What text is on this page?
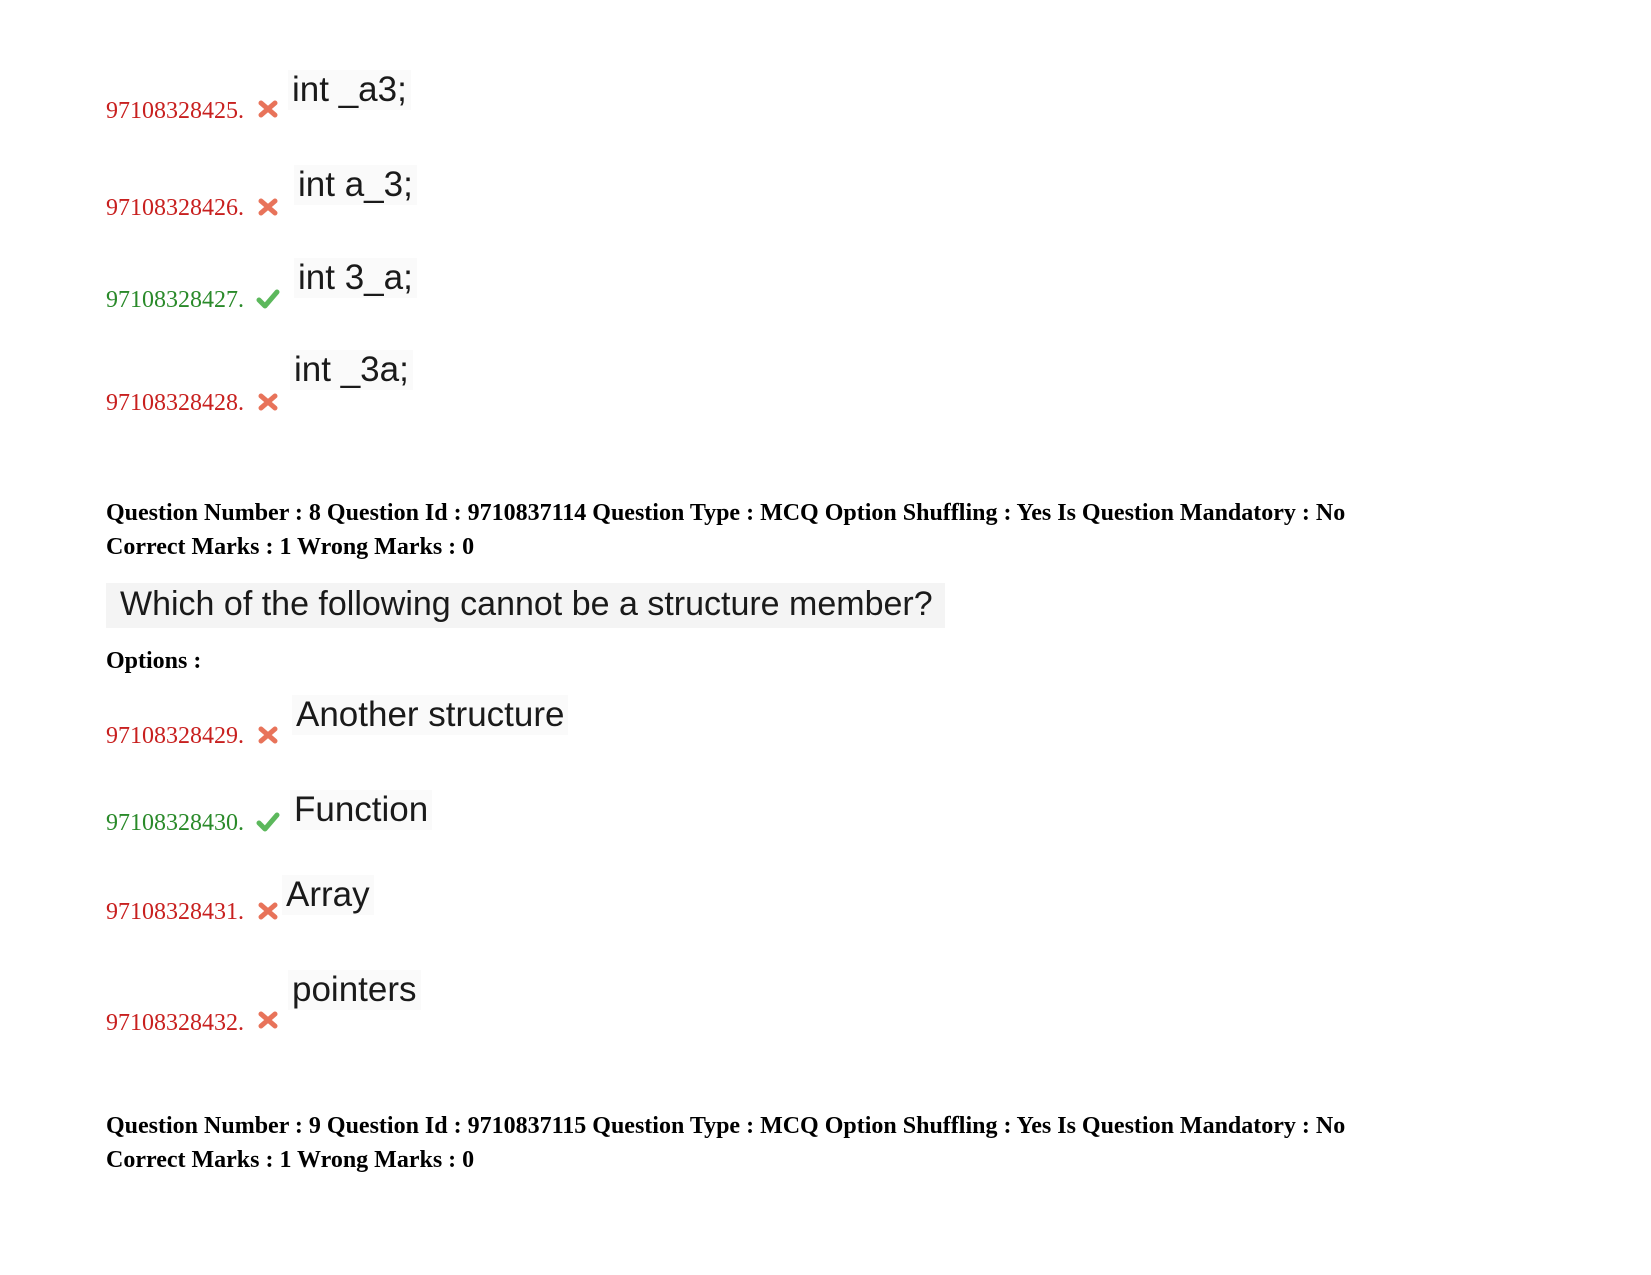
97108328425.
int _a3;
97108328426.
int a_3;
97108328427.
int 3_a;
97108328428.
int _3a;
Question Number : 8 Question Id : 9710837114 Question Type : MCQ Option Shuffling : Yes Is Question Mandatory : No
Correct Marks : 1 Wrong Marks : 0
Which of the following cannot be a structure member?
Options :
97108328429.
Another structure
97108328430. Function
97108328431. Array
97108328432.
pointers
Question Number : 9 Question Id : 9710837115 Question Type : MCQ Option Shuffling : Yes Is Question Mandatory : No
Correct Marks : 1 Wrong Marks : 0
